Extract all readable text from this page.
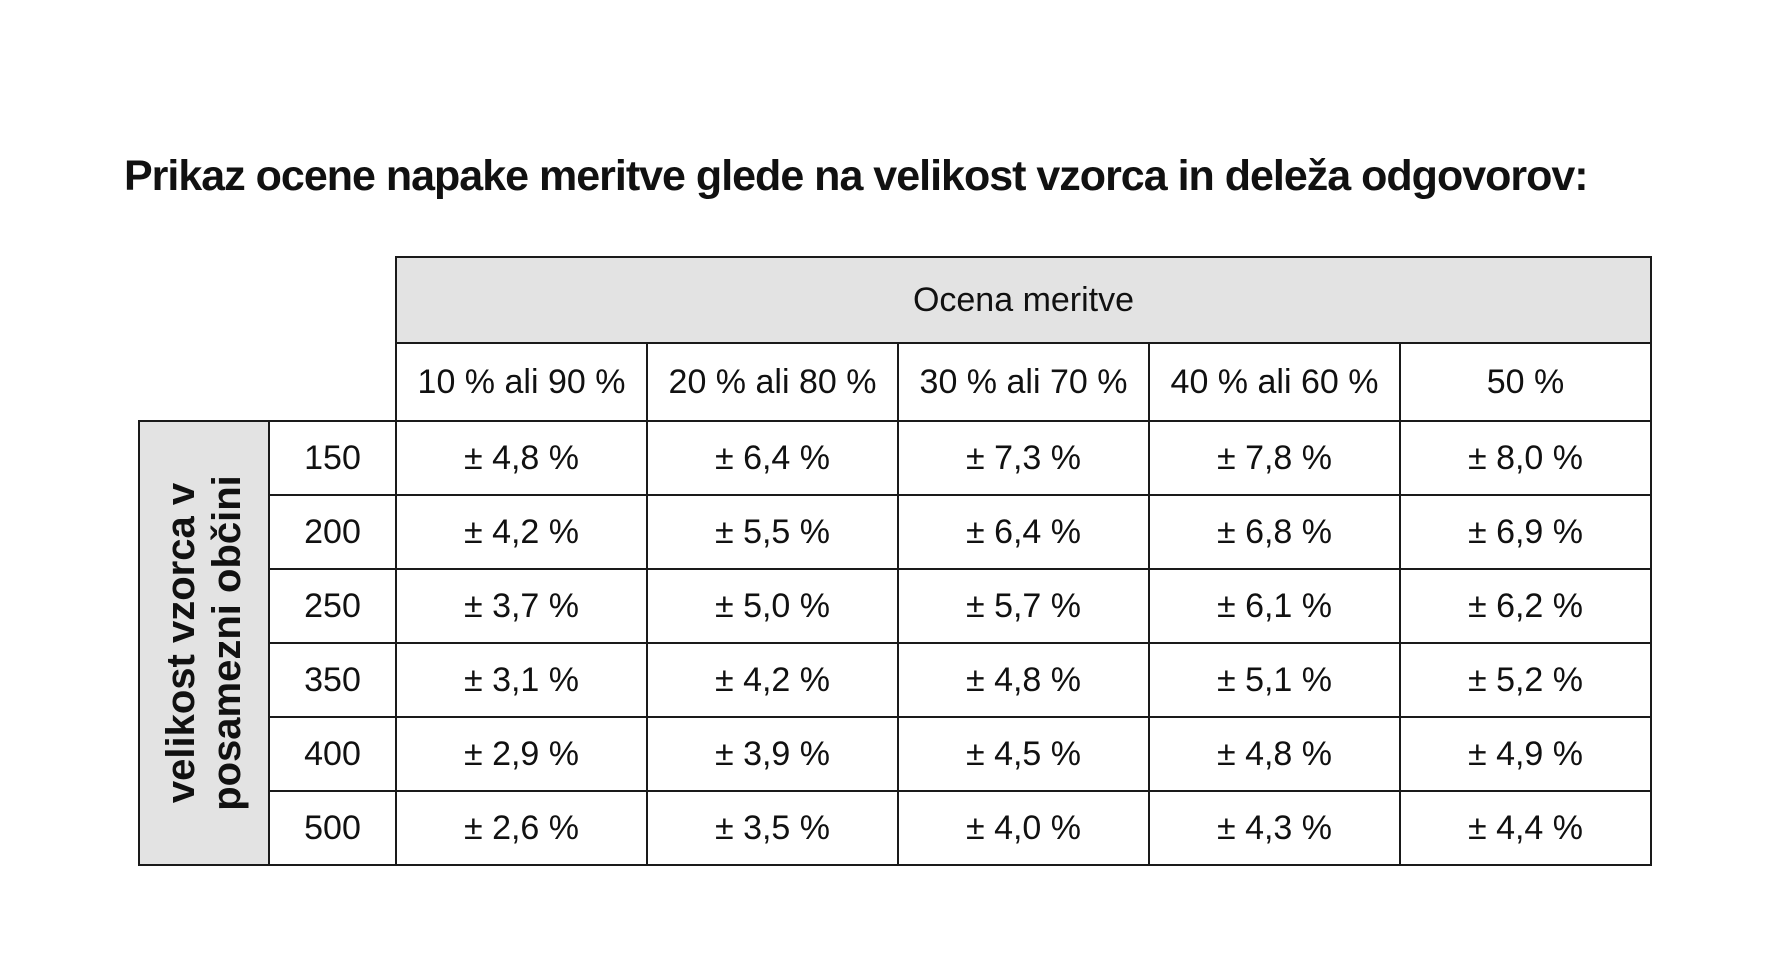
Prikaz ocene napake meritve glede na velikost vzorca in deleža odgovorov:
		Ocena meritve				
		10 % ali 90 %	20 % ali 80 %	30 % ali 70 %	40 % ali 60 %	50 %

velikost vzorca v posamezni občini	150	± 4,8 %	± 6,4 %	± 7,3 %	± 7,8 %	± 8,0 %
	200	± 4,2 %	± 5,5 %	± 6,4 %	± 6,8 %	± 6,9 %
	250	± 3,7 %	± 5,0 %	± 5,7 %	± 6,1 %	± 6,2 %
	350	± 3,1 %	± 4,2 %	± 4,8 %	± 5,1 %	± 5,2 %
	400	± 2,9 %	± 3,9 %	± 4,5 %	± 4,8 %	± 4,9 %
	500	± 2,6 %	± 3,5 %	± 4,0 %	± 4,3 %	± 4,4 %
